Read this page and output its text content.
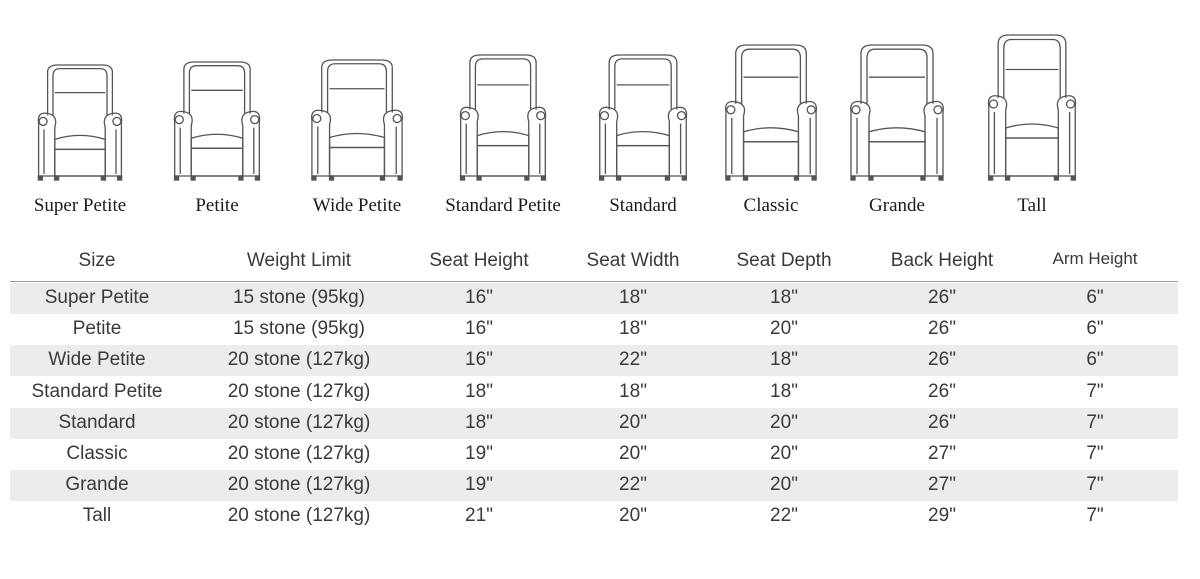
Super Petite	Petite	Wide Petite Standard Petite	Standard	Classic	Grande	Tall
Size	Weight Limit	Seat Height	Seat Width	Seat Depth	Back Height	Arm Height
Super Petite	15 stone (95kg)	16"	18"	18"	26"	6"
Petite	15 stone (95kg)	16"	18"	20"	26"	6"
Wide Petite	20 stone (127kg)	16"	22"	18"	26"	6"
Standard Petite	20 stone (127kg)	18"	18"	18"	26"	7"
Standard	20 stone (127kg)	18"	20"	20"	26"	7"
Classic	20 stone (127kg)	19"	20"	20"	27"	7"
Grande	20 stone (127kg)	19"	22"	20"	27"	7"
Tall	20 stone (127kg)	21"	20"	22"	29"	7"
